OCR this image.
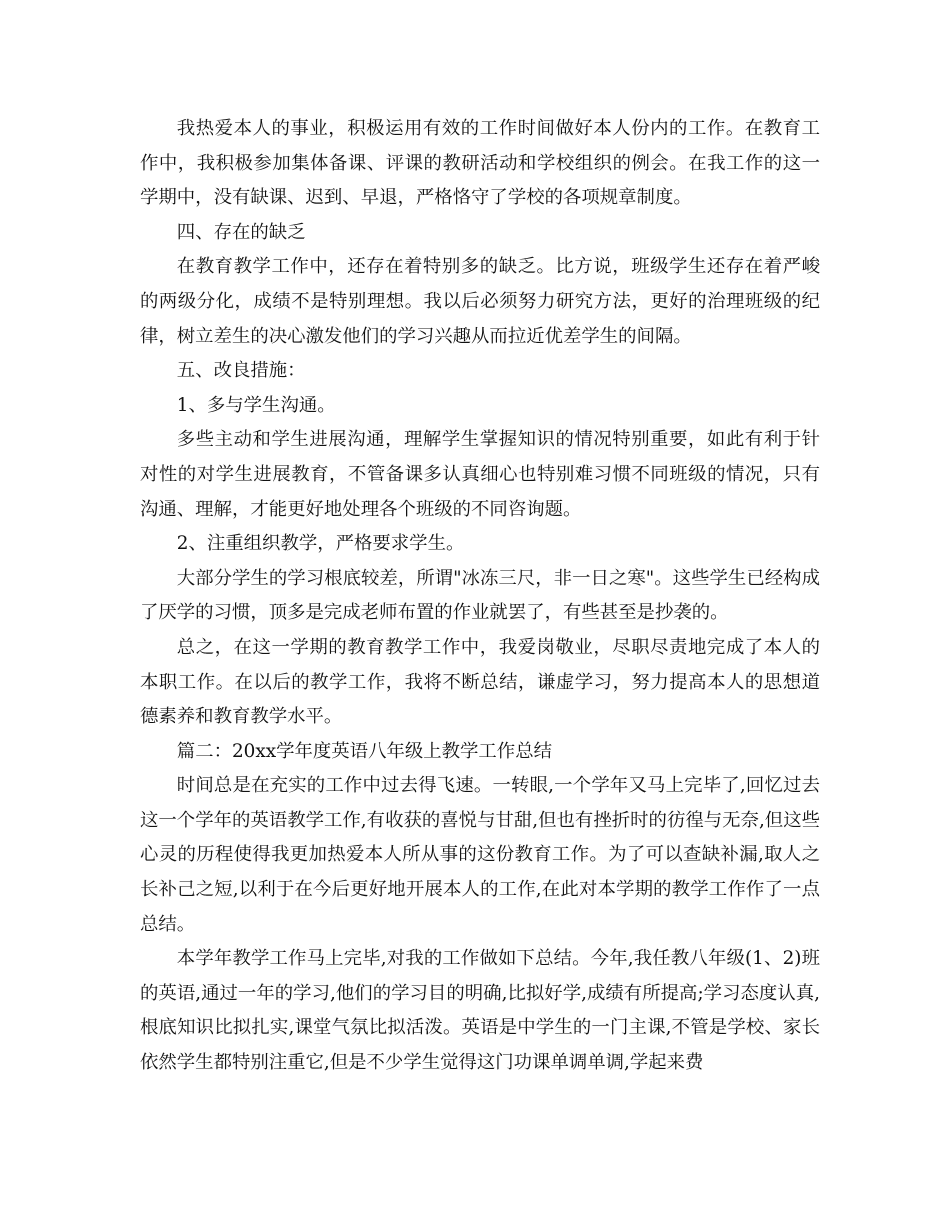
我热爱本人的事业，积极运用有效的工作时间做好本人份内的工作。在教育工作中，我积极参加集体备课、评课的教研活动和学校组织的例会。在我工作的这一学期中，没有缺课、迟到、早退，严格恪守了学校的各项规章制度。

四、存在的缺乏

在教育教学工作中，还存在着特别多的缺乏。比方说，班级学生还存在着严峻的两级分化，成绩不是特别理想。我以后必须努力研究方法，更好的治理班级的纪律，树立差生的决心激发他们的学习兴趣从而拉近优差学生的间隔。

五、改良措施：

1、多与学生沟通。

多些主动和学生进展沟通，理解学生掌握知识的情况特别重要，如此有利于针对性的对学生进展教育，不管备课多认真细心也特别难习惯不同班级的情况，只有沟通、理解，才能更好地处理各个班级的不同咨询题。

2、注重组织教学，严格要求学生。

大部分学生的学习根底较差，所谓"冰冻三尺，非一日之寒"。这些学生已经构成了厌学的习惯，顶多是完成老师布置的作业就罢了，有些甚至是抄袭的。

总之，在这一学期的教育教学工作中，我爱岗敬业，尽职尽责地完成了本人的本职工作。在以后的教学工作，我将不断总结，谦虚学习，努力提高本人的思想道德素养和教育教学水平。

篇二：20xx学年度英语八年级上教学工作总结

时间总是在充实的工作中过去得飞速。一转眼,一个学年又马上完毕了,回忆过去这一个学年的英语教学工作,有收获的喜悦与甘甜,但也有挫折时的彷徨与无奈,但这些心灵的历程使得我更加热爱本人所从事的这份教育工作。为了可以查缺补漏,取人之长补己之短,以利于在今后更好地开展本人的工作,在此对本学期的教学工作作了一点总结。

本学年教学工作马上完毕,对我的工作做如下总结。今年,我任教八年级(1、2)班的英语,通过一年的学习,他们的学习目的明确,比拟好学,成绩有所提高;学习态度认真,根底知识比拟扎实,课堂气氛比拟活泼。英语是中学生的一门主课,不管是学校、家长依然学生都特别注重它,但是不少学生觉得这门功课单调单调,学起来费
